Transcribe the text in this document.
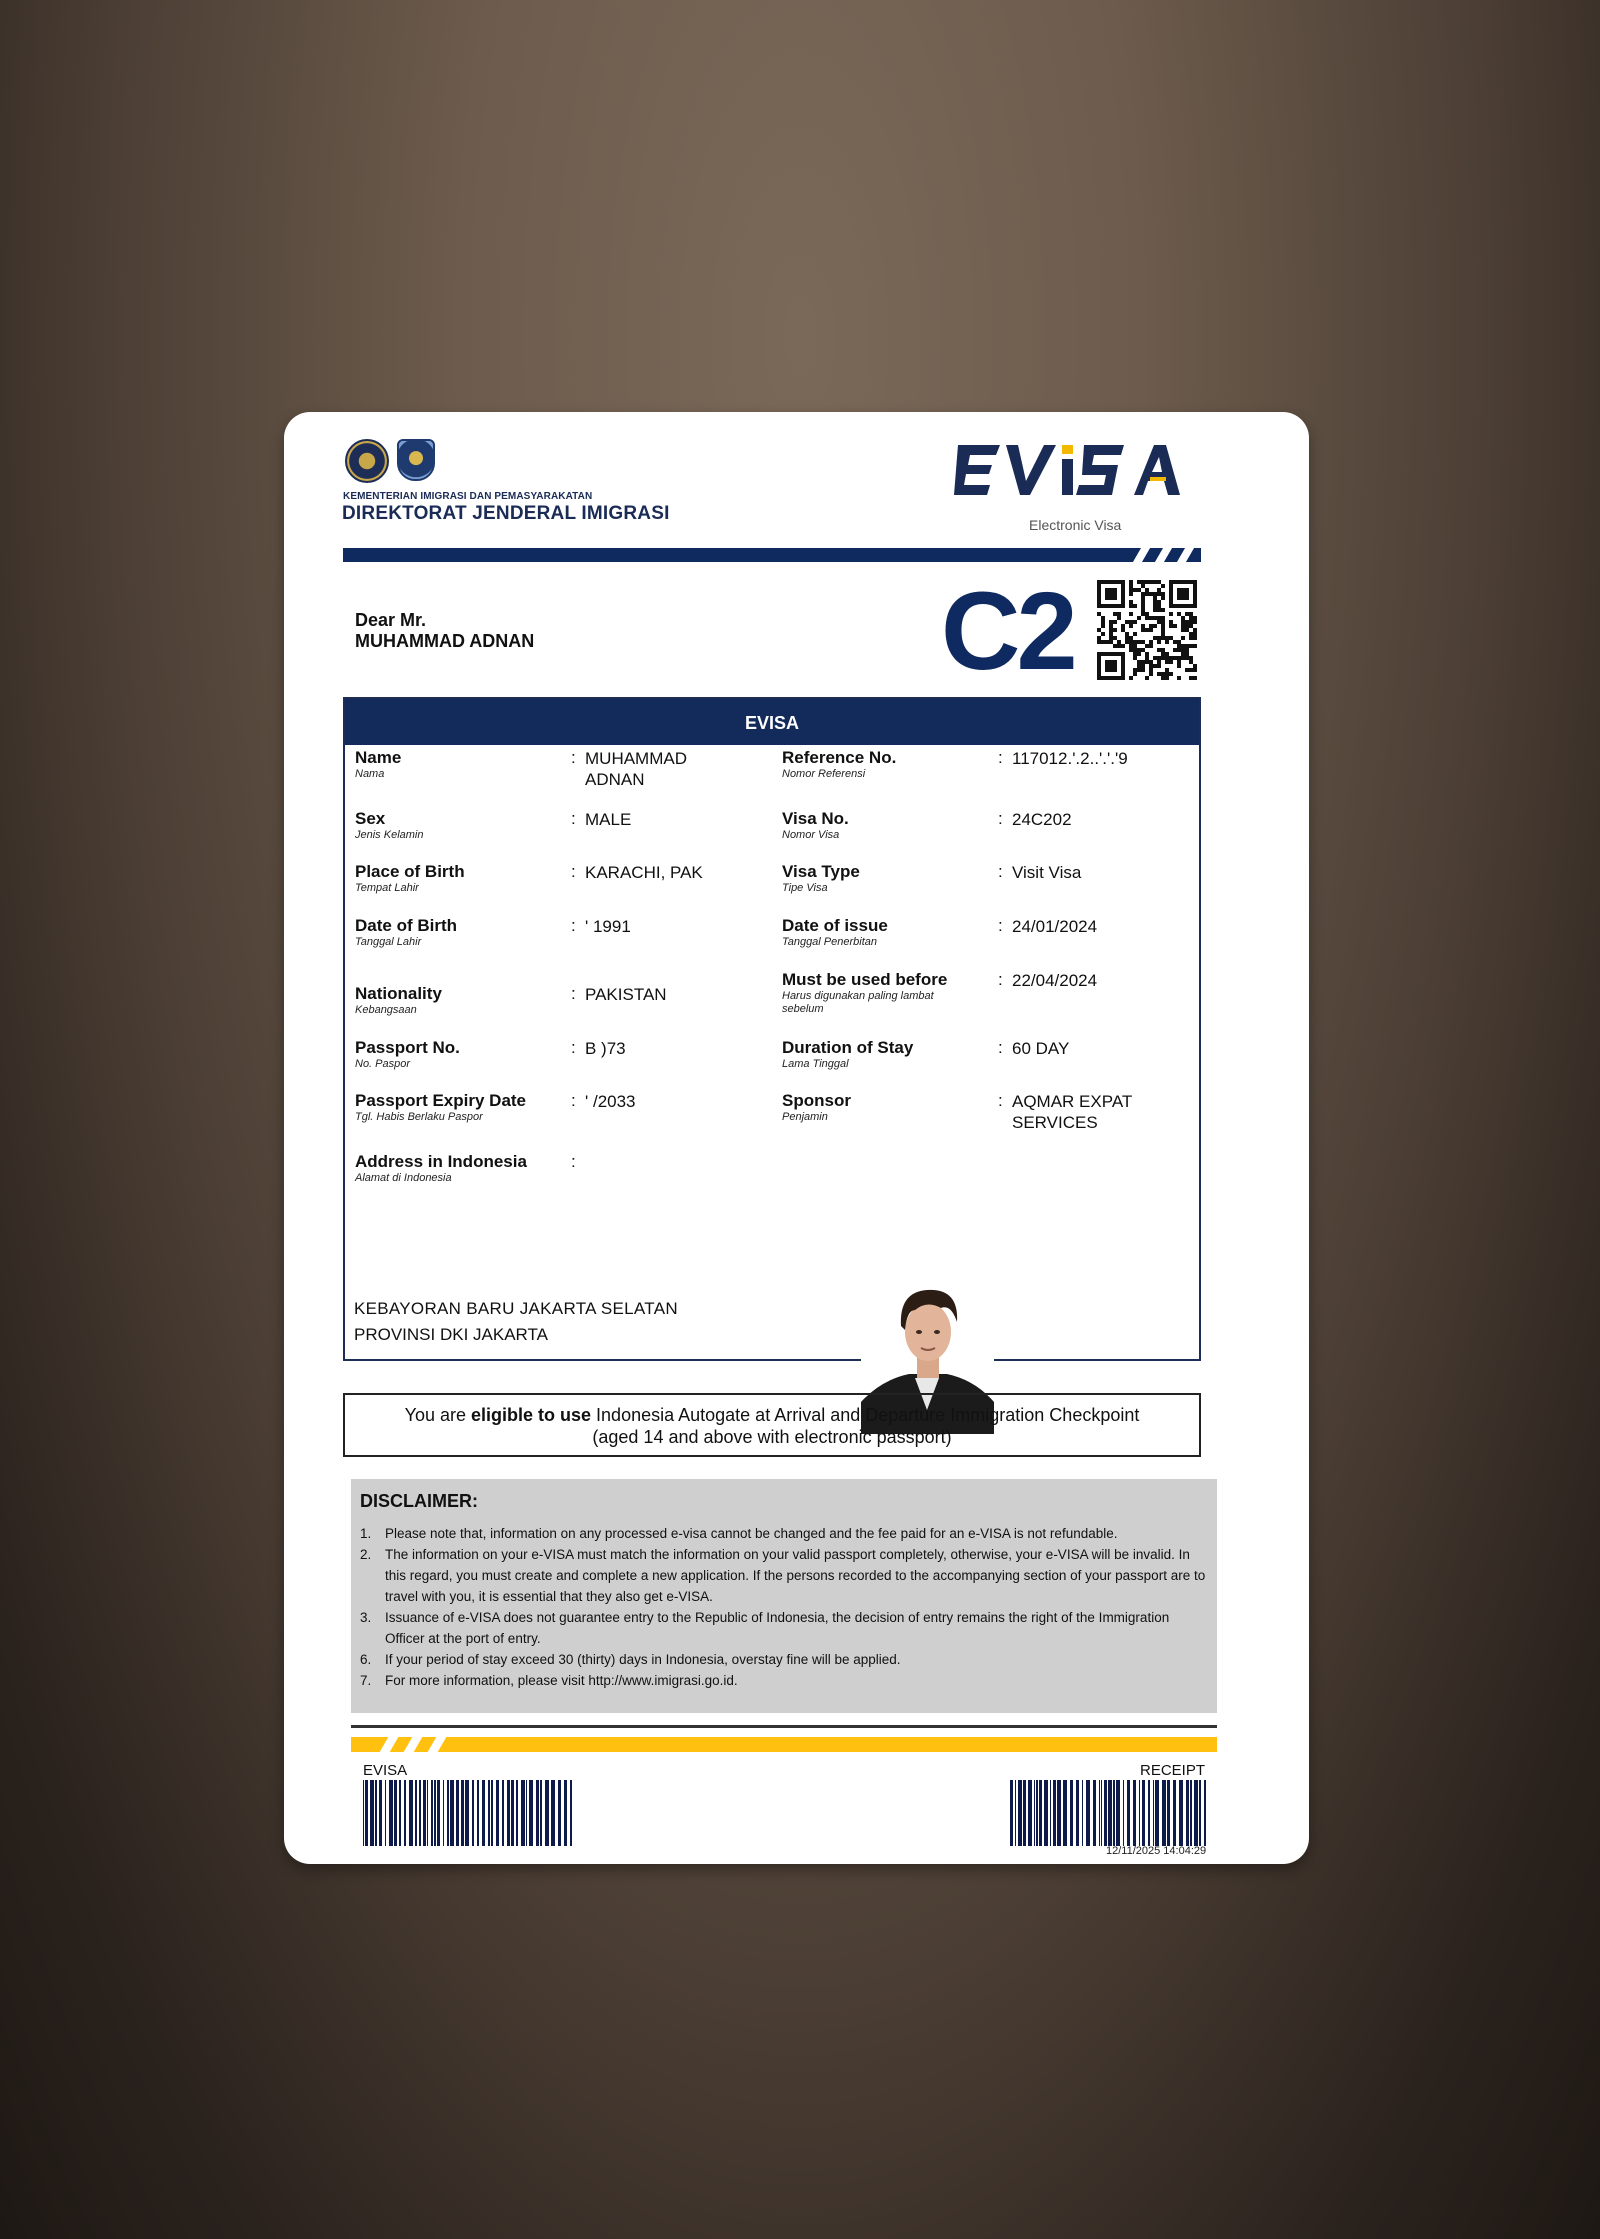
KEMENTERIAN IMIGRASI DAN PEMASYARAKATAN
DIREKTORAT JENDERAL IMIGRASI
Electronic Visa
Dear Mr.
MUHAMMAD ADNAN	C2
EVISA
Name
Nama
: MUHAMMAD
ADNAN
Sex
Jenis Kelamin
: MALE
Place of Birth
Tempat Lahir
: KARACHI, PAK
Date of Birth
Tanggal Lahir
: ' 1991
Nationality
Kebangsaan
: PAKISTAN
Passport No.
No. Paspor
: B )73
Passport Expiry Date
Tgl. Habis Berlaku Paspor
: ' /2033
Address in Indonesia
Alamat di Indonesia
:
Reference No.
Nomor Referensi
: 117012.'.2..'.'.'9
Visa No.
Nomor Visa
: 24C202
Visa Type
Tipe Visa
: Visit Visa
Date of issue
Tanggal Penerbitan
: 24/01/2024
Must be used before
Harus digunakan paling lambat
sebelum
: 22/04/2024
Duration of Stay
Lama Tinggal
: 60 DAY
Sponsor
Penjamin
: AQMAR EXPAT
SERVICES
KEBAYORAN BARU JAKARTA SELATAN
PROVINSI DKI JAKARTA
You are eligible to use Indonesia Autogate at Arrival and Departure Immigration Checkpoint
(aged 14 and above with electronic passport)
DISCLAIMER:
1.	Please note that, information on any processed e-visa cannot be changed and the fee paid for an e-VISA is not refundable.
2.	The information on your e-VISA must match the information on your valid passport completely, otherwise, your e-VISA will be invalid. In this regard, you must create and complete a new application. If the persons recorded to the accompanying section of your passport are to travel with you, it is essential that they also get e-VISA.
3.	Issuance of e-VISA does not guarantee entry to the Republic of Indonesia, the decision of entry remains the right of the Immigration Officer at the port of entry.
6.	If your period of stay exceed 30 (thirty) days in Indonesia, overstay fine will be applied.
7.	For more information, please visit http://www.imigrasi.go.id.
EVISA	RECEIPT
12/11/2025 14:04:29
